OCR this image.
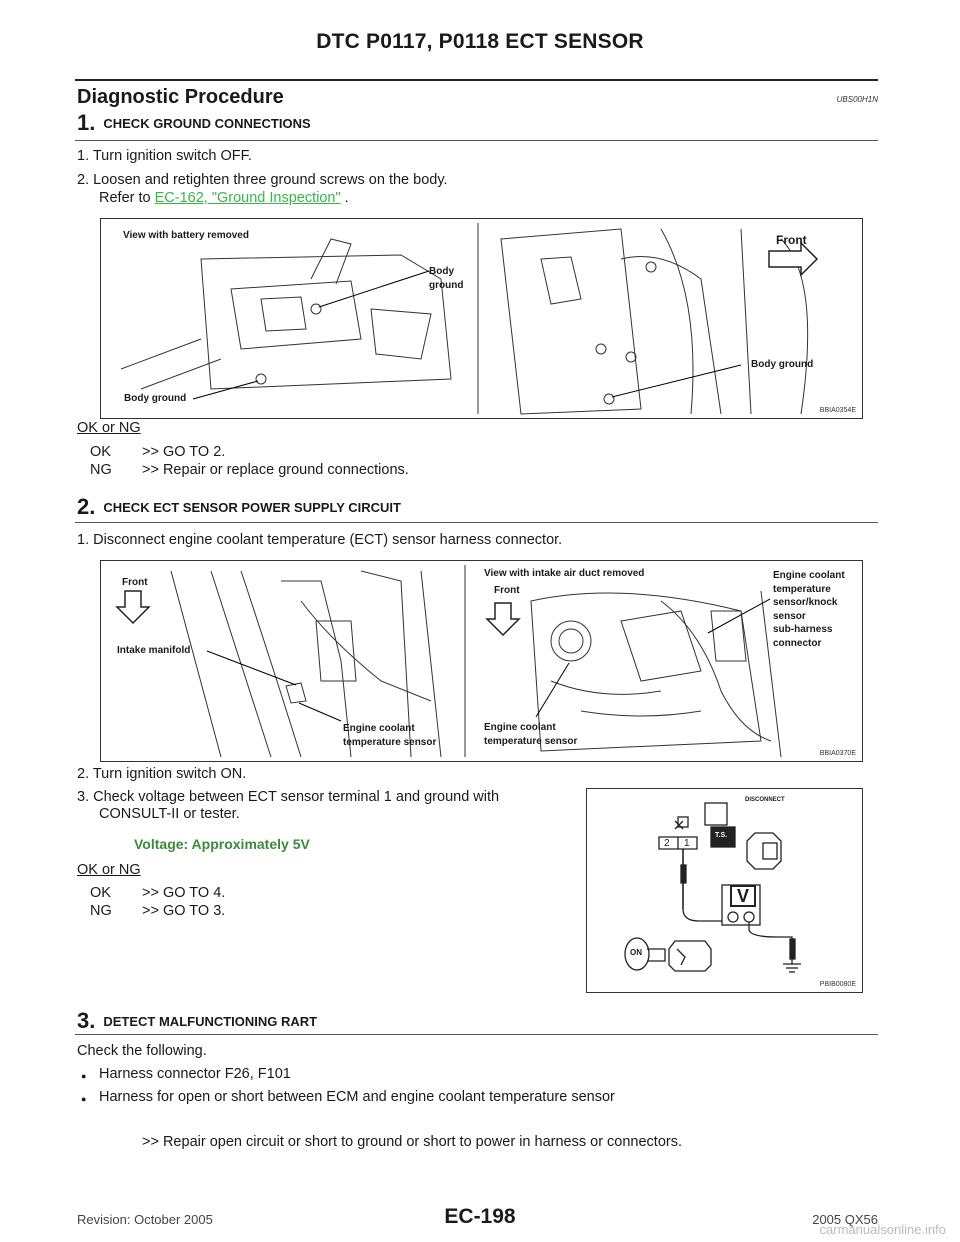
DTC P0117, P0118 ECT SENSOR
Diagnostic Procedure	UBS00H1N
1. CHECK GROUND CONNECTIONS
1. Turn ignition switch OFF.
2. Loosen and retighten three ground screws on the body.
Refer to EC-162, "Ground Inspection" .
View with battery removed
Body
ground
Body ground
Front
Body ground
BBIA0354E
OK or NG
OK >> GO TO 2.
NG >> Repair or replace ground connections.
2. CHECK ECT SENSOR POWER SUPPLY CIRCUIT
1. Disconnect engine coolant temperature (ECT) sensor harness connector.
Front
Intake manifold
Engine coolant
temperature sensor
View with intake air duct removed
Front
Engine coolant
temperature
sensor/knock
sensor
sub-harness
connector
Engine coolant
temperature sensor
BBIA0370E
2. Turn ignition switch ON.
3. Check voltage between ECT sensor terminal 1 and ground with
CONSULT-II or tester.
Voltage: Approximately 5V
OK or NG
OK >> GO TO 4.
NG >> GO TO 3.
DISCONNECT
T.S.
2 1
V
ON
PBIB0080E
3. DETECT MALFUNCTIONING RART
Check the following.
● Harness connector F26, F101
● Harness for open or short between ECM and engine coolant temperature sensor
>> Repair open circuit or short to ground or short to power in harness or connectors.
EC-198
Revision: October 2005	2005 QX56
carmanualsonline.info
